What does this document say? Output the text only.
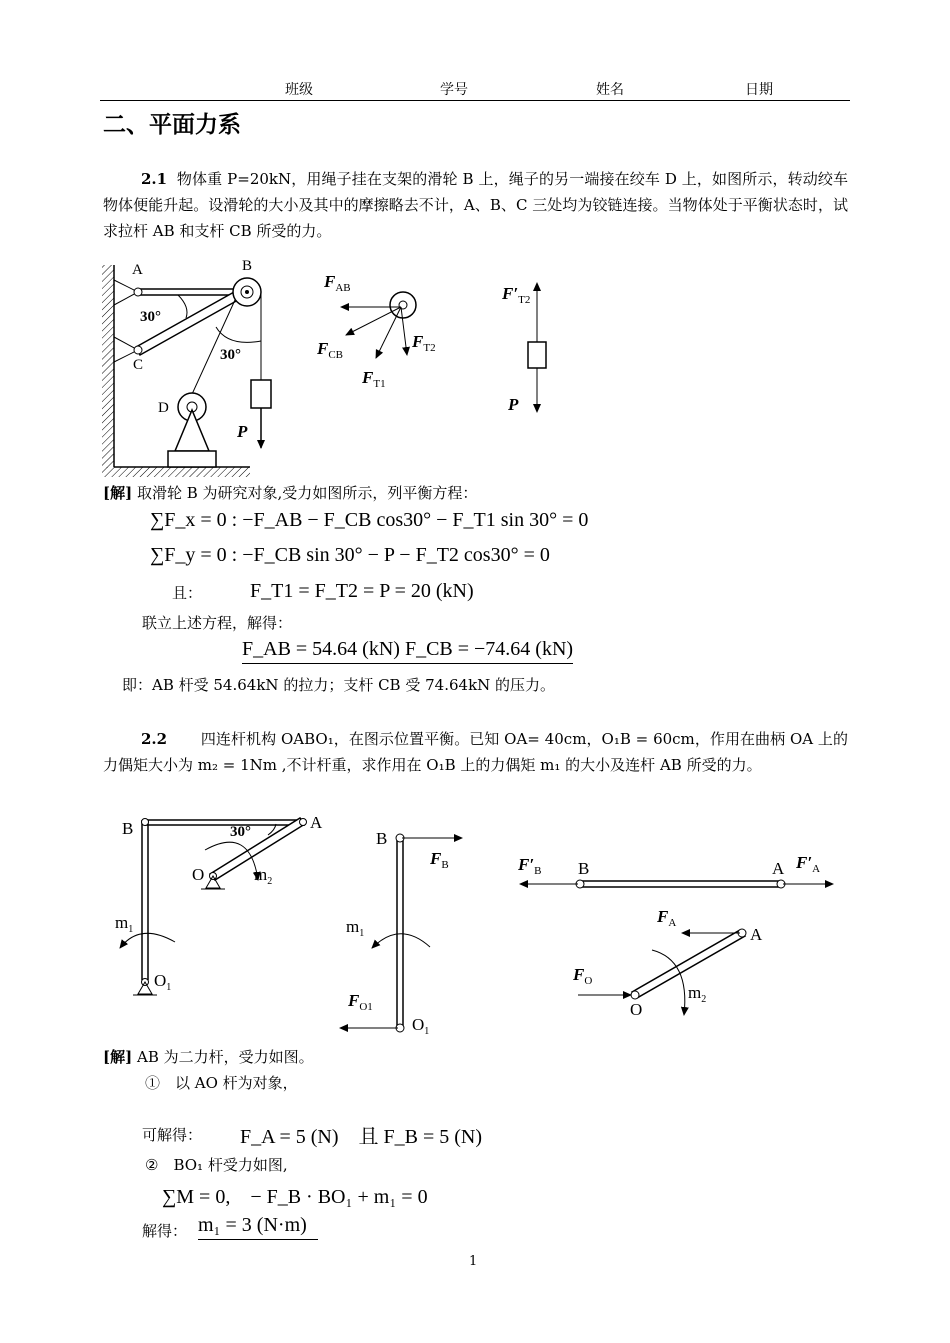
班级	学号	姓名	日期
二、平面力系
2.1 物体重 P=20kN，用绳子挂在支架的滑轮 B 上，绳子的另一端接在绞车 D 上，如图所示，转动绞车物体便能升起。设滑轮的大小及其中的摩擦略去不计，A、B、C 三处均为铰链连接。当物体处于平衡状态时，试求拉杆 AB 和支杆 CB 所受的力。
A	B
C
D
30°
30°
P
$F_{AB}$
$F_{CB}$
$F_{T1}$
$F_{T2}$
$F'_{T2}$
P
[解] 取滑轮 B 为研究对象,受力如图所示，列平衡方程：
∑F_x = 0 : −F_AB − F_CB cos30° − F_T1 sin 30° = 0
∑F_y = 0 : −F_CB sin 30° − P − F_T2 cos30° = 0
且： F_T1 = F_T2 = P = 20 (kN)
联立上述方程，解得：
F_AB = 54.64 (kN) F_CB = −74.64 (kN)
即：AB 杆受 54.64kN 的拉力；支杆 CB 受 74.64kN 的压力。
2.2 四连杆机构 OABO₁，在图示位置平衡。已知 OA= 40cm，O₁B = 60cm，作用在曲柄 OA 上的力偶矩大小为 m₂ = 1Nm ,不计杆重，求作用在 O₁B 上的力偶矩 m₁ 的大小及连杆 AB 所受的力。
B	A
O
30°
$m_2$
$m_1$
$O_1$
B
$F_B$
$m_1$
$F_{O1}$
$O_1$
B	A
$F'_B$	$F'_A$
A
O
$F_A$
$F_O$
$m_2$
[解] AB 为二力杆，受力如图。
①　以 AO 杆为对象，
可解得： F_A = 5 (N)　且 F_B = 5 (N)
②　BO₁ 杆受力如图,
∑M = 0,　− F_B · BO₁ + m₁ = 0
解得： m₁ = 3 (N·m)
1
